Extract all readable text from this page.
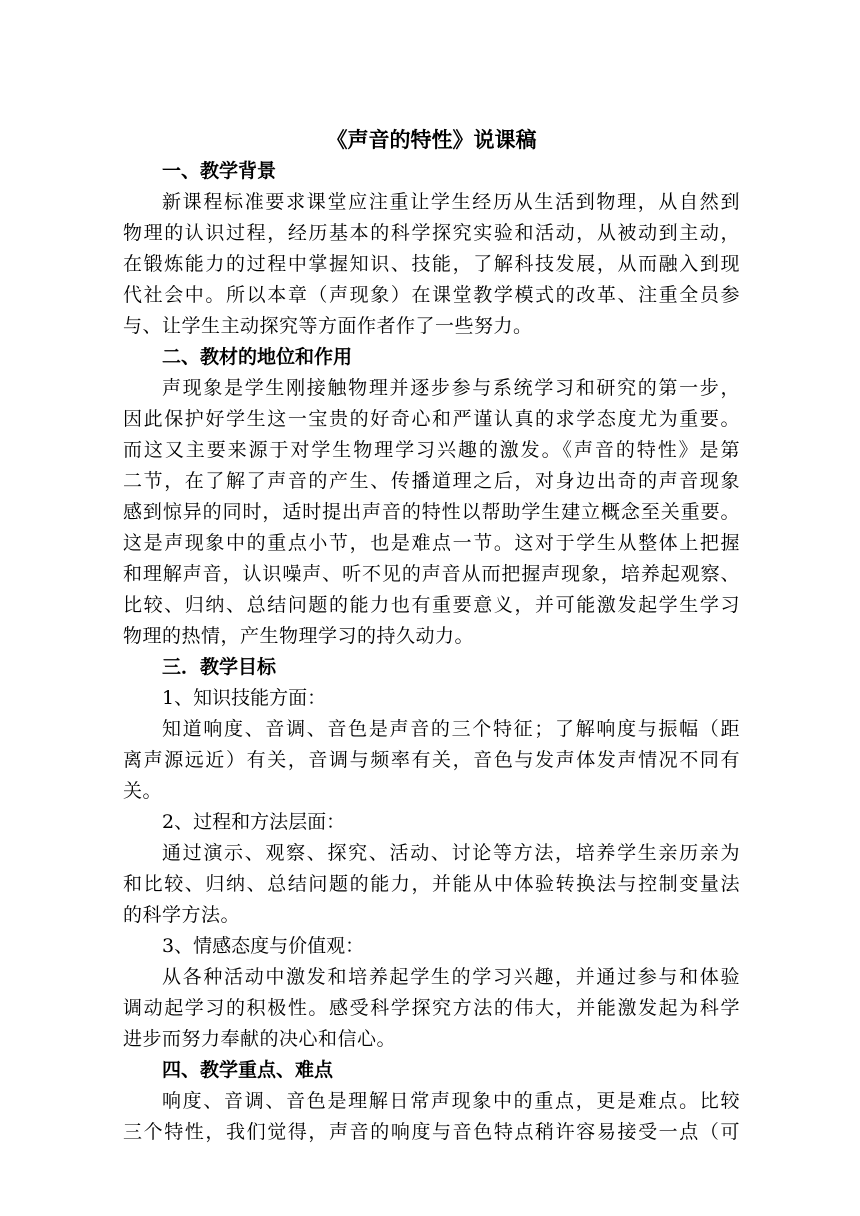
《声音的特性》说课稿
一、教学背景
新课程标准要求课堂应注重让学生经历从生活到物理，从自然到
物理的认识过程，经历基本的科学探究实验和活动，从被动到主动，
在锻炼能力的过程中掌握知识、技能，了解科技发展，从而融入到现
代社会中。所以本章（声现象）在课堂教学模式的改革、注重全员参
与、让学生主动探究等方面作者作了一些努力。
二、教材的地位和作用
声现象是学生刚接触物理并逐步参与系统学习和研究的第一步，
因此保护好学生这一宝贵的好奇心和严谨认真的求学态度尤为重要。
而这又主要来源于对学生物理学习兴趣的激发。《声音的特性》是第
二节，在了解了声音的产生、传播道理之后，对身边出奇的声音现象
感到惊异的同时，适时提出声音的特性以帮助学生建立概念至关重要。
这是声现象中的重点小节，也是难点一节。这对于学生从整体上把握
和理解声音，认识噪声、听不见的声音从而把握声现象，培养起观察、
比较、归纳、总结问题的能力也有重要意义，并可能激发起学生学习
物理的热情，产生物理学习的持久动力。
三．教学目标
1、知识技能方面：
知道响度、音调、音色是声音的三个特征；了解响度与振幅（距
离声源远近）有关，音调与频率有关，音色与发声体发声情况不同有
关。
2、过程和方法层面：
通过演示、观察、探究、活动、讨论等方法，培养学生亲历亲为
和比较、归纳、总结问题的能力，并能从中体验转换法与控制变量法
的科学方法。
3、情感态度与价值观：
从各种活动中激发和培养起学生的学习兴趣，并通过参与和体验
调动起学习的积极性。感受科学探究方法的伟大，并能激发起为科学
进步而努力奉献的决心和信心。
四、教学重点、难点
响度、音调、音色是理解日常声现象中的重点，更是难点。比较
三个特性，我们觉得，声音的响度与音色特点稍许容易接受一点（可
